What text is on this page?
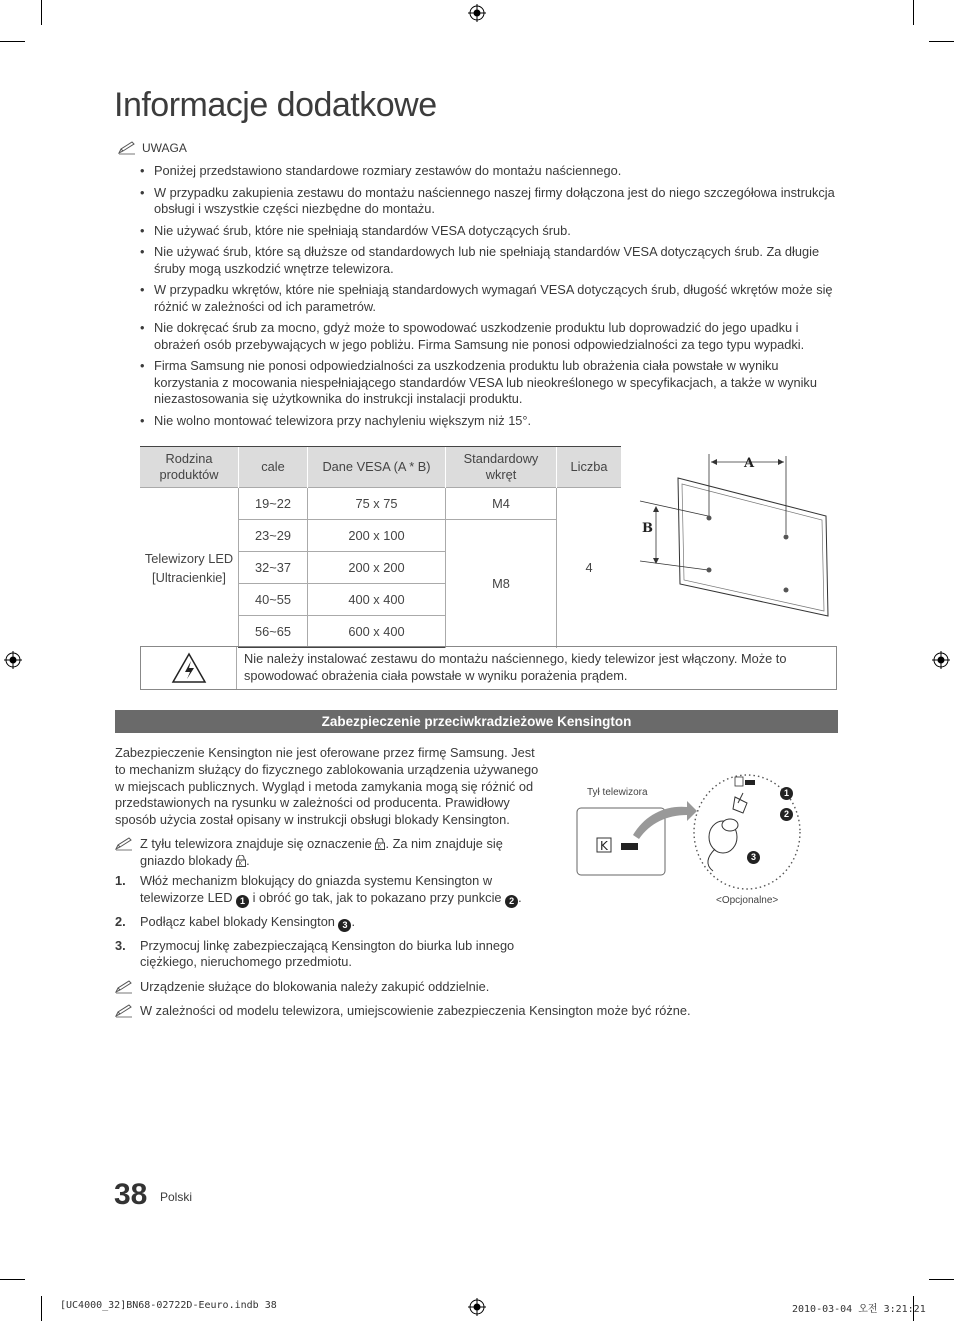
Informacje dodatkowe
UWAGA
• Poniżej przedstawiono standardowe rozmiary zestawów do montażu naściennego.
• W przypadku zakupienia zestawu do montażu naściennego naszej firmy dołączona jest do niego szczegółowa instrukcja obsługi i wszystkie części niezbędne do montażu.
• Nie używać śrub, które nie spełniają standardów VESA dotyczących śrub.
• Nie używać śrub, które są dłuższe od standardowych lub nie spełniają standardów VESA dotyczących śrub. Za długie śruby mogą uszkodzić wnętrze telewizora.
• W przypadku wkrętów, które nie spełniają standardowych wymagań VESA dotyczących śrub, długość wkrętów może się różnić w zależności od ich parametrów.
• Nie dokręcać śrub za mocno, gdyż może to spowodować uszkodzenie produktu lub doprowadzić do jego upadku i obrażeń osób przebywających w jego pobliżu. Firma Samsung nie ponosi odpowiedzialności za tego typu wypadki.
• Firma Samsung nie ponosi odpowiedzialności za uszkodzenia produktu lub obrażenia ciała powstałe w wyniku korzystania z mocowania niespełniającego standardów VESA lub nieokreślonego w specyfikacjach, a także w wyniku niezastosowania się użytkownika do instrukcji instalacji produktu.
• Nie wolno montować telewizora przy nachyleniu większym niż 15°.
Rodzina produktów	cale	Dane VESA (A * B)	Standardowy wkręt	Liczba
Telewizory LED [Ultracienkie]	19~22	75 x 75	M4	4
	23~29	200 x 100	M8	
	32~37	200 x 200		
	40~55	400 x 400		
	56~65	600 x 400		
A
B
Nie należy instalować zestawu do montażu naściennego, kiedy telewizor jest włączony. Może to spowodować obrażenia ciała powstałe w wyniku porażenia prądem.
Zabezpieczenie przeciwkradzieżowe Kensington
Zabezpieczenie Kensington nie jest oferowane przez firmę Samsung. Jest to mechanizm służący do fizycznego zablokowania urządzenia używanego w miejscach publicznych. Wygląd i metoda zamykania mogą się różnić od przedstawionych na rysunku w zależności od producenta. Prawidłowy sposób użycia został opisany w instrukcji obsługi blokady Kensington.
Z tyłu telewizora znajduje się oznaczenie K . Za nim znajduje się gniazdo blokady K .
1. Włóż mechanizm blokujący do gniazda systemu Kensington w telewizorze LED 1 i obróć go tak, jak to pokazano przy punkcie 2 .
2. Podłącz kabel blokady Kensington 3 .
3. Przymocuj linkę zabezpieczającą Kensington do biurka lub innego ciężkiego, nieruchomego przedmiotu.
Urządzenie służące do blokowania należy zakupić oddzielnie.
W zależności od modelu telewizora, umiejscowienie zabezpieczenia Kensington może być różne.
Tył telewizora
K
1
2
3
<Opcjonalne>
38 Polski
[UC4000_32]BN68-02722D-Eeuro.indb 38	2010-03-04 오전 3:21:21
